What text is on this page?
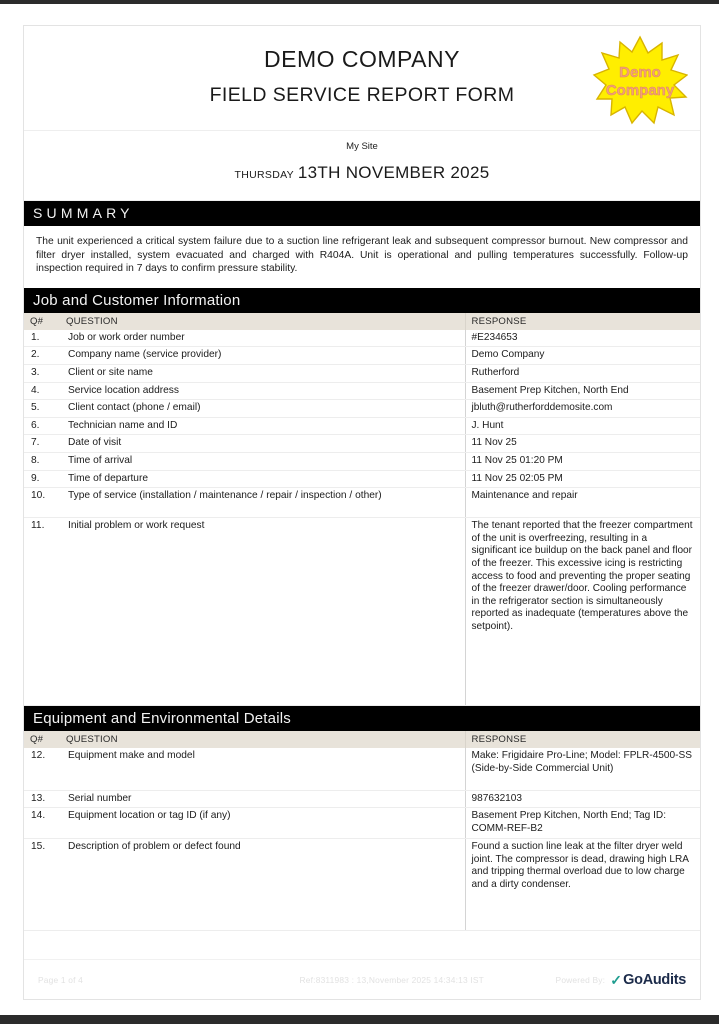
DEMO COMPANY
FIELD SERVICE REPORT FORM
Demo
Company
My Site
THURSDAY 13TH NOVEMBER 2025
SUMMARY
The unit experienced a critical system failure due to a suction line refrigerant leak and subsequent compressor burnout. New compressor and filter dryer installed, system evacuated and charged with R404A. Unit is operational and pulling temperatures successfully. Follow-up inspection required in 7 days to confirm pressure stability.
Job and Customer Information
Q#	QUESTION	RESPONSE
1.	Job or work order number	#E234653
2.	Company name (service provider)	Demo Company
3.	Client or site name	Rutherford
4.	Service location address	Basement Prep Kitchen, North End
5.	Client contact (phone / email)	jbluth@rutherforddemosite.com
6.	Technician name and ID	J. Hunt
7.	Date of visit	11 Nov 25
8.	Time of arrival	11 Nov 25 01:20 PM
9.	Time of departure	11 Nov 25 02:05 PM
10.	Type of service (installation / maintenance / repair / inspection / other)	Maintenance and repair
11.	Initial problem or work request	The tenant reported that the freezer compartment of the unit is overfreezing, resulting in a significant ice buildup on the back panel and floor of the freezer. This excessive icing is restricting access to food and preventing the proper seating of the freezer drawer/door. Cooling performance in the refrigerator section is simultaneously reported as inadequate (temperatures above the setpoint).
Equipment and Environmental Details
Q#	QUESTION	RESPONSE
12.	Equipment make and model	Make: Frigidaire Pro-Line; Model: FPLR-4500-SS (Side-by-Side Commercial Unit)
13.	Serial number	987632103
14.	Equipment location or tag ID (if any)	Basement Prep Kitchen, North End; Tag ID: COMM-REF-B2
15.	Description of problem or defect found	Found a suction line leak at the filter dryer weld joint. The compressor is dead, drawing high LRA and tripping thermal overload due to low charge and a dirty condenser.
Page 1 of 4	Ref:8311983 : 13,November 2025 14:34:13 IST	Powered By: ✓ GoAudits
